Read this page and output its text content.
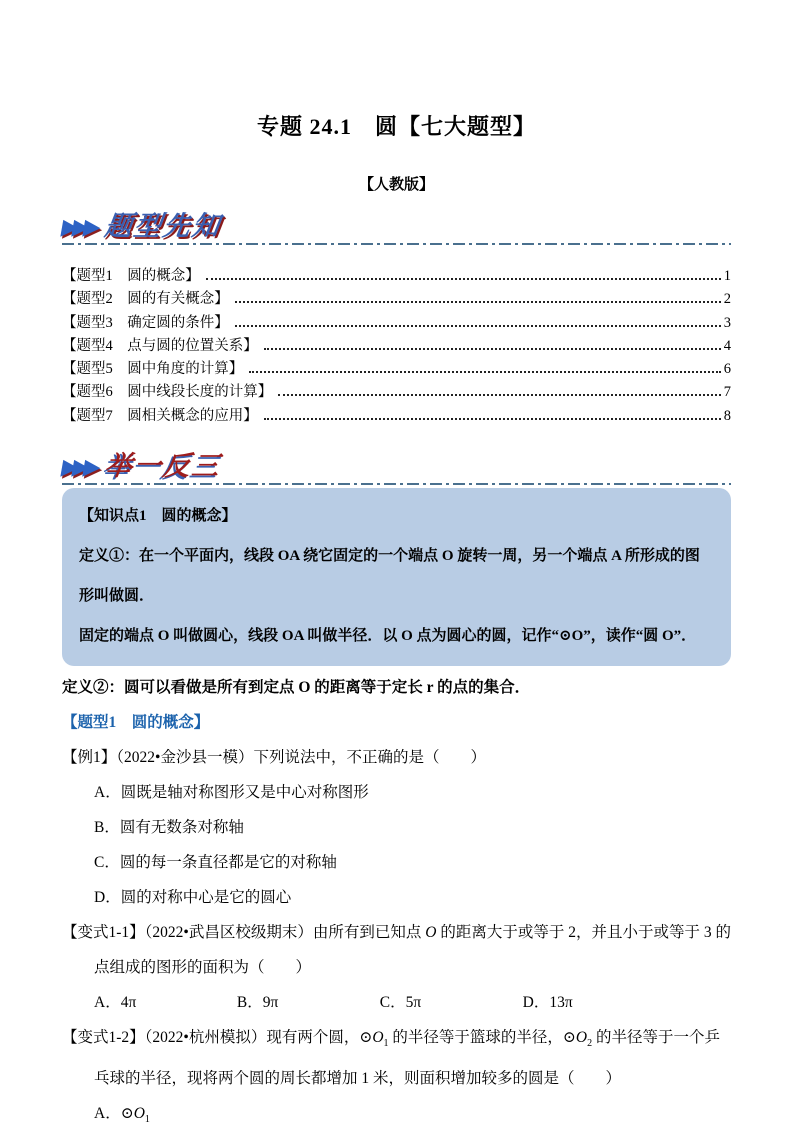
专题 24.1　圆【七大题型】
【人教版】
▶▶▶ 题型先知
【题型1　圆的概念】	1
【题型2　圆的有关概念】	2
【题型3　确定圆的条件】	3
【题型4　点与圆的位置关系】	4
【题型5　圆中角度的计算】	6
【题型6　圆中线段长度的计算】	7
【题型7　圆相关概念的应用】	8
▶▶▶ 举一反三
【知识点1　圆的概念】
定义①：在一个平面内，线段 OA 绕它固定的一个端点 O 旋转一周，另一个端点 A 所形成的图形叫做圆．
固定的端点 O 叫做圆心，线段 OA 叫做半径．以 O 点为圆心的圆，记作“⊙O”，读作“圆 O”．
定义②：圆可以看做是所有到定点 O 的距离等于定长 r 的点的集合．
【题型1　圆的概念】
【例1】（2022•金沙县一模）下列说法中，不正确的是（　　）
A．圆既是轴对称图形又是中心对称图形
B．圆有无数条对称轴
C．圆的每一条直径都是它的对称轴
D．圆的对称中心是它的圆心
【变式1-1】（2022•武昌区校级期末）由所有到已知点 O 的距离大于或等于 2，并且小于或等于 3 的点组成的图形的面积为（　　）
A．4π	B．9π	C．5π	D．13π
【变式1-2】（2022•杭州模拟）现有两个圆，$⊙O_1$ 的半径等于篮球的半径，$⊙O_2$ 的半径等于一个乒乓球的半径，现将两个圆的周长都增加 1 米，则面积增加较多的圆是（　　）
A．$⊙O_1$
